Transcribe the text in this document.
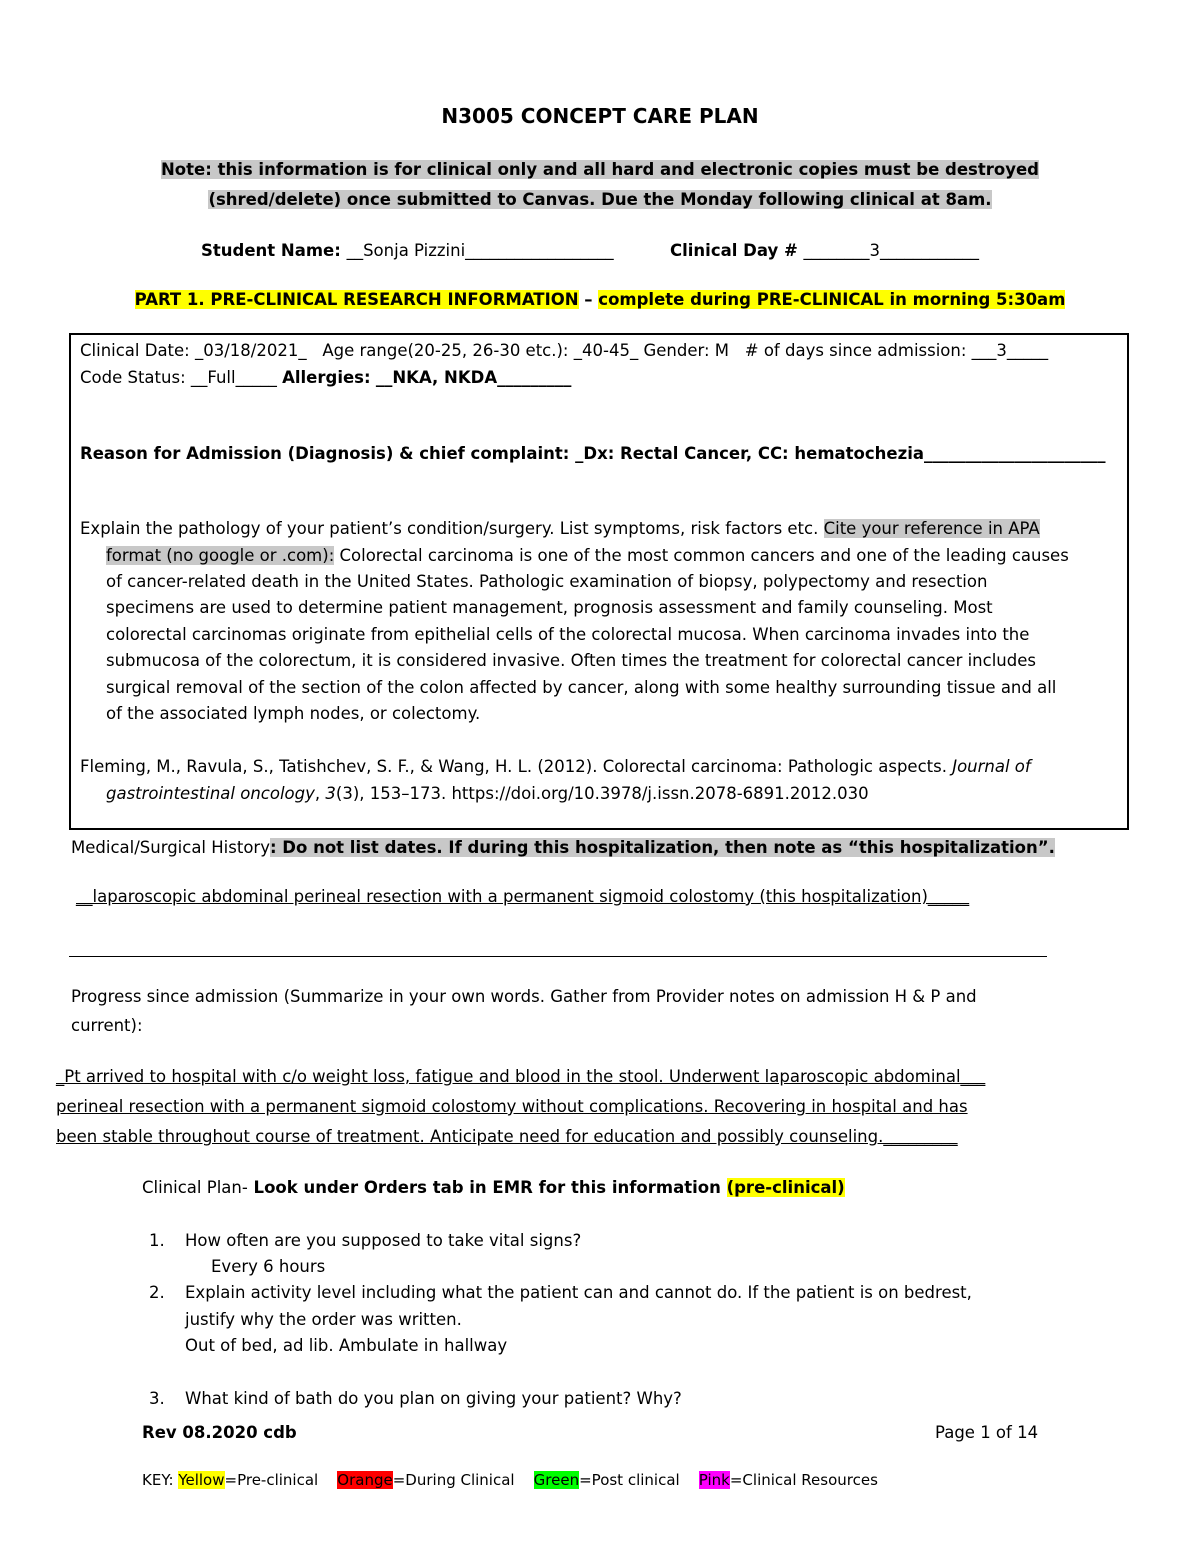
N3005 CONCEPT CARE PLAN
Note: this information is for clinical only and all hard and electronic copies must be destroyed
(shred/delete) once submitted to Canvas. Due the Monday following clinical at 8am.
Student Name: __Sonja Pizzini__________________	Clinical Day # ________3____________
PART 1. PRE-CLINICAL RESEARCH INFORMATION – complete during PRE-CLINICAL in morning 5:30am
Clinical Date: _03/18/2021_ Age range(20-25, 26-30 etc.): _40-45_ Gender: M # of days since admission: ___3_____
Code Status: __Full_____ Allergies: __NKA, NKDA_________
Reason for Admission (Diagnosis) & chief complaint: _Dx: Rectal Cancer, CC: hematochezia______________________
Explain the pathology of your patient’s condition/surgery. List symptoms, risk factors etc. Cite your reference in APA
format (no google or .com): Colorectal carcinoma is one of the most common cancers and one of the leading causes
of cancer-related death in the United States. Pathologic examination of biopsy, polypectomy and resection
specimens are used to determine patient management, prognosis assessment and family counseling. Most
colorectal carcinomas originate from epithelial cells of the colorectal mucosa. When carcinoma invades into the
submucosa of the colorectum, it is considered invasive. Often times the treatment for colorectal cancer includes
surgical removal of the section of the colon affected by cancer, along with some healthy surrounding tissue and all
of the associated lymph nodes, or colectomy.
Fleming, M., Ravula, S., Tatishchev, S. F., & Wang, H. L. (2012). Colorectal carcinoma: Pathologic aspects. Journal of
gastrointestinal oncology, 3(3), 153–173. https://doi.org/10.3978/j.issn.2078-6891.2012.030
Medical/Surgical History: Do not list dates. If during this hospitalization, then note as “this hospitalization”.
__laparoscopic abdominal perineal resection with a permanent sigmoid colostomy (this hospitalization)_____
Progress since admission (Summarize in your own words. Gather from Provider notes on admission H & P and
current):
_Pt arrived to hospital with c/o weight loss, fatigue and blood in the stool. Underwent laparoscopic abdominal___
perineal resection with a permanent sigmoid colostomy without complications. Recovering in hospital and has
been stable throughout course of treatment. Anticipate need for education and possibly counseling._________
Clinical Plan- Look under Orders tab in EMR for this information (pre-clinical)
1. How often are you supposed to take vital signs?
Every 6 hours
2. Explain activity level including what the patient can and cannot do. If the patient is on bedrest,
justify why the order was written.
Out of bed, ad lib. Ambulate in hallway
3. What kind of bath do you plan on giving your patient? Why?
Rev 08.2020 cdb	Page 1 of 14
KEY: Yellow=Pre-clinical Orange=During Clinical Green=Post clinical Pink=Clinical Resources
